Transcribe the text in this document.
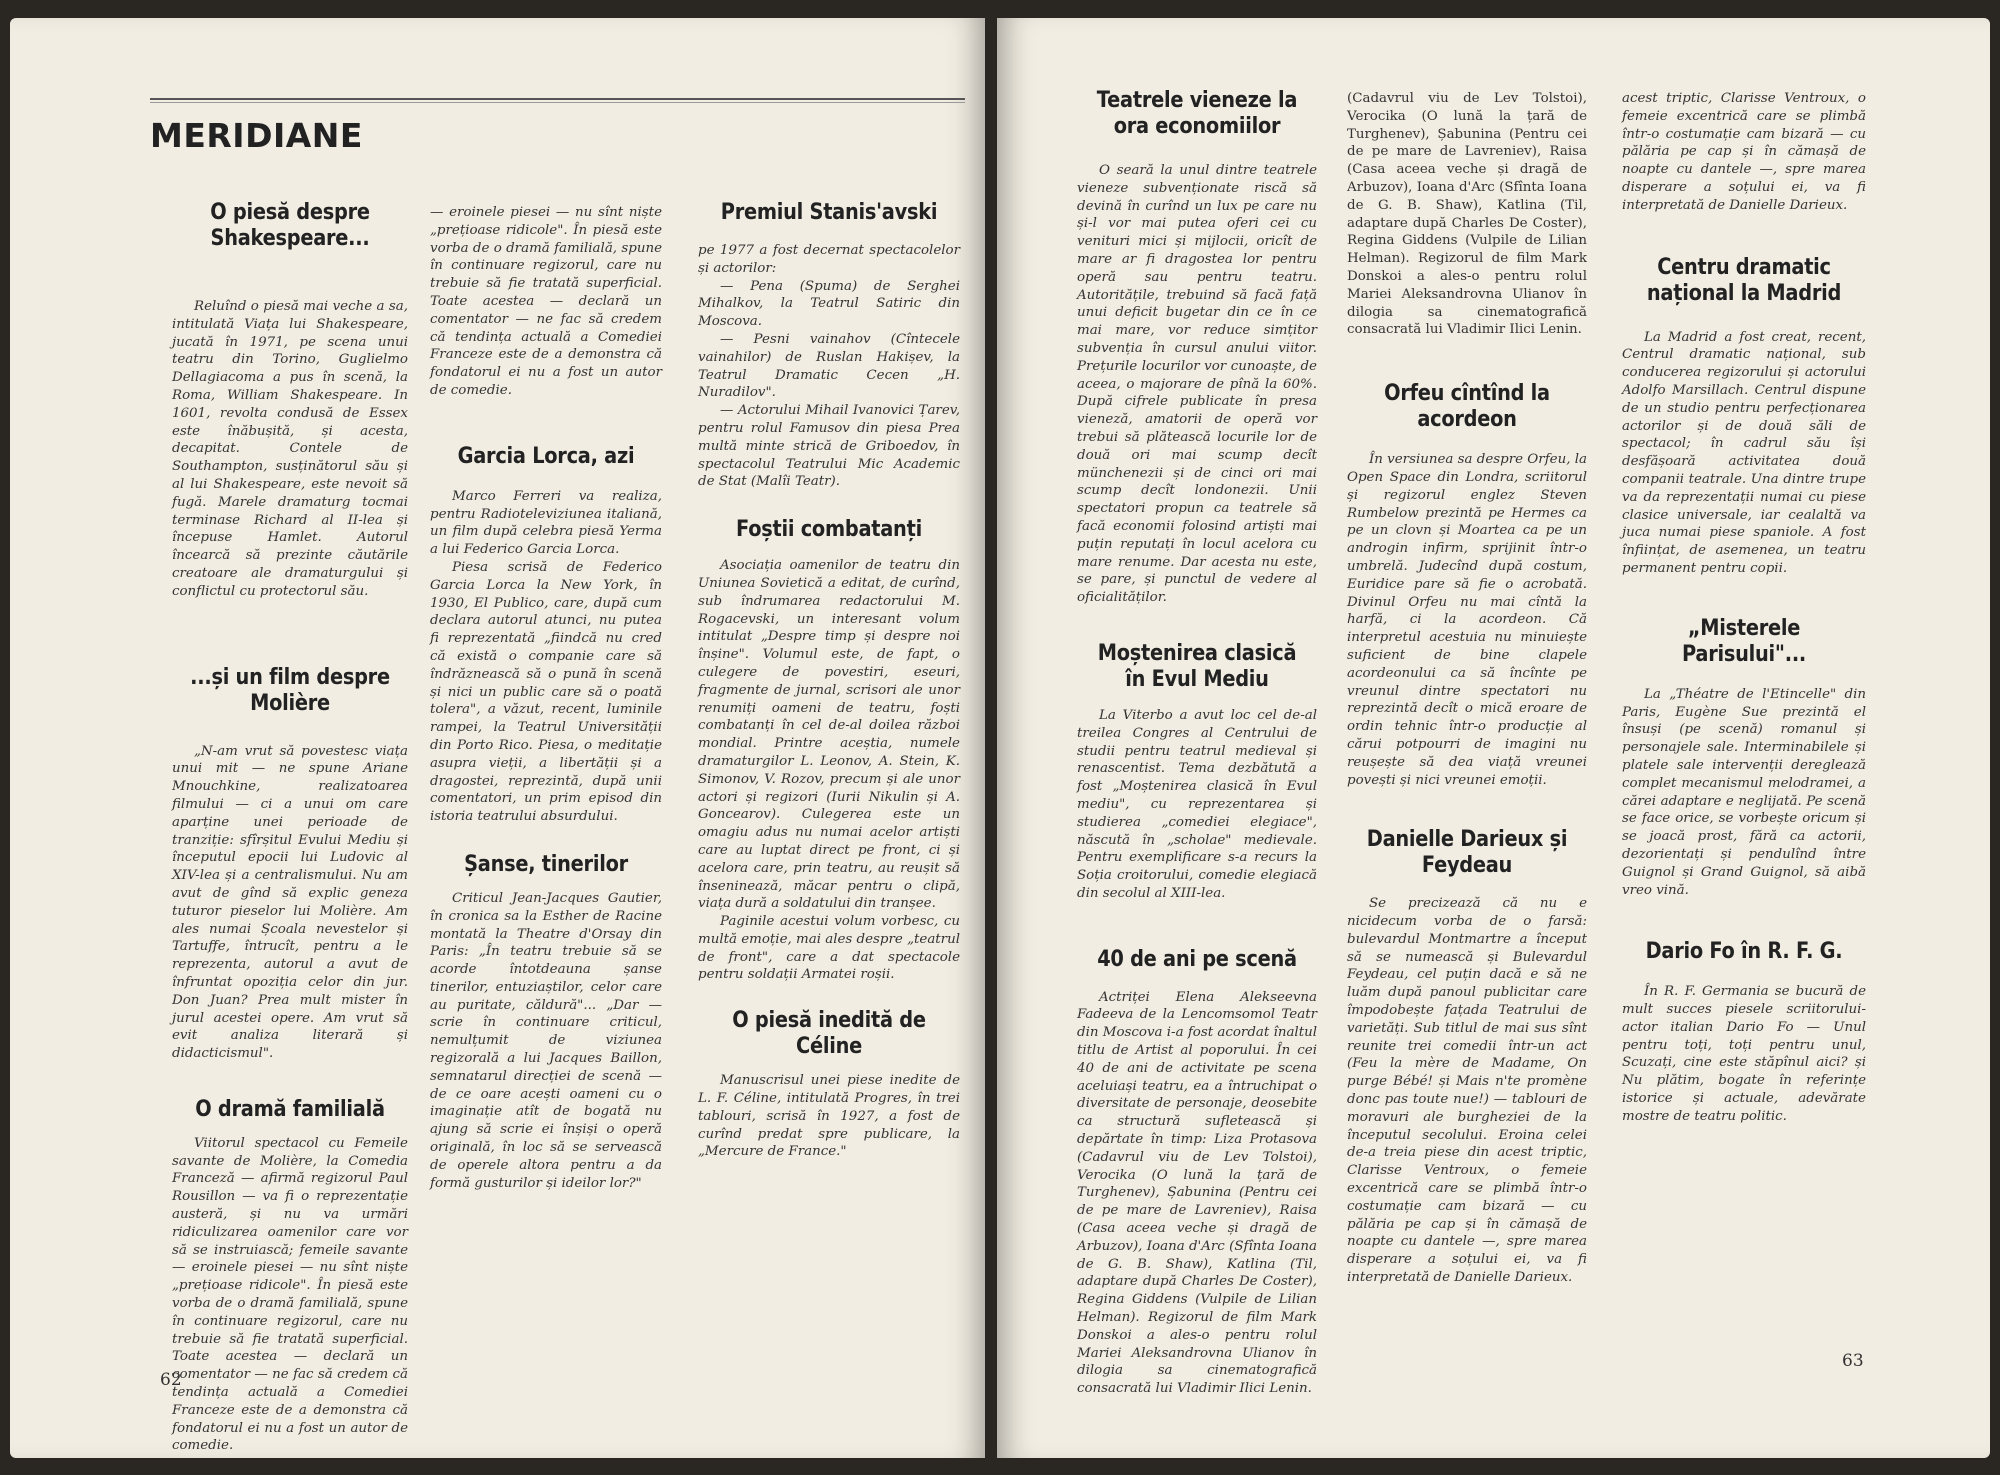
MERIDIANE
O piesă despre Shakespeare...

Reluînd o piesă mai veche a sa, intitulată Viața lui Shakespeare, jucată în 1971, pe scena unui teatru din Torino, Guglielmo Dellagiacoma a pus în scenă, la Roma, William Shakespeare. In 1601, revolta condusă de Essex este înăbușită, și acesta, decapitat. Contele de Southampton, susținătorul său și al lui Shakespeare, este nevoit să fugă. Marele dramaturg tocmai terminase Richard al II-lea și începuse Hamlet. Autorul încearcă să prezinte căutările creatoare ale dramaturgului și conflictul cu protectorul său.

...și un film despre Molière

„N-am vrut să povestesc viața unui mit — ne spune Ariane Mnouchkine, realizatoarea filmului — ci a unui om care aparține unei perioade de tranziție: sfîrșitul Evului Mediu și începutul epocii lui Ludovic al XIV-lea și a centralismului. Nu am avut de gînd să explic geneza tuturor pieselor lui Molière. Am ales numai Școala nevestelor și Tartuffe, întrucît, pentru a le reprezenta, autorul a avut de înfruntat opoziția celor din jur. Don Juan? Prea mult mister în jurul acestei opere. Am vrut să evit analiza literară și didacticismul".

O dramă familială

Viitorul spectacol cu Femeile savante de Molière, la Comedia Franceză — afirmă regizorul Paul Rousillon — va fi o reprezentație austeră, și nu va urmări ridiculizarea oamenilor care vor să se instruiască; femeile savante — eroinele piesei — nu sînt niște „prețioase ridicole". În piesă este vorba de o dramă familială, spune în continuare regizorul, care nu trebuie să fie tratată superficial. Toate acestea — declară un comentator — ne fac să credem că tendința actuală a Comediei Franceze este de a demonstra că fondatorul ei nu a fost un autor de comedie.

— eroinele piesei — nu sînt niște „prețioase ridicole". În piesă este vorba de o dramă familială, spune în continuare regizorul, care nu trebuie să fie tratată superficial. Toate acestea — declară un comentator — ne fac să credem că tendința actuală a Comediei Franceze este de a demonstra că fondatorul ei nu a fost un autor de comedie.

Garcia Lorca, azi

Marco Ferreri va realiza, pentru Radioteleviziunea italiană, un film după celebra piesă Yerma a lui Federico Garcia Lorca.

Piesa scrisă de Federico Garcia Lorca la New York, în 1930, El Publico, care, după cum declara autorul atunci, nu putea fi reprezentată „fiindcă nu cred că există o companie care să îndrăznească să o pună în scenă și nici un public care să o poată tolera", a văzut, recent, luminile rampei, la Teatrul Universității din Porto Rico. Piesa, o meditație asupra vieții, a libertății și a dragostei, reprezintă, după unii comentatori, un prim episod din istoria teatrului absurdului.

Șanse, tinerilor

Criticul Jean-Jacques Gautier, în cronica sa la Esther de Racine montată la Theatre d'Orsay din Paris: „În teatru trebuie să se acorde întotdeauna șanse tinerilor, entuziaștilor, celor care au puritate, căldură"... „Dar — scrie în continuare criticul, nemulțumit de viziunea regizorală a lui Jacques Baillon, semnatarul direcției de scenă — de ce oare acești oameni cu o imaginație atît de bogată nu ajung să scrie ei înșiși o operă originală, în loc să se servească de operele altora pentru a da formă gusturilor și ideilor lor?"

Premiul Stanis'avski

pe 1977 a fost decernat spectacolelor și actorilor:

— Pena (Spuma) de Serghei Mihalkov, la Teatrul Satiric din Moscova.

— Pesni vainahov (Cîntecele vainahilor) de Ruslan Hakișev, la Teatrul Dramatic Cecen „H. Nuradilov".

— Actorului Mihail Ivanovici Țarev, pentru rolul Famusov din piesa Prea multă minte strică de Griboedov, în spectacolul Teatrului Mic Academic de Stat (Malîi Teatr).

Foștii combatanți

Asociația oamenilor de teatru din Uniunea Sovietică a editat, de curînd, sub îndrumarea redactorului M. Rogacevski, un interesant volum intitulat „Despre timp și despre noi înșine". Volumul este, de fapt, o culegere de povestiri, eseuri, fragmente de jurnal, scrisori ale unor renumiți oameni de teatru, foști combatanți în cel de-al doilea război mondial. Printre aceștia, numele dramaturgilor L. Leonov, A. Stein, K. Simonov, V. Rozov, precum și ale unor actori și regizori (Iurii Nikulin și A. Goncearov). Culegerea este un omagiu adus nu numai acelor artiști care au luptat direct pe front, ci și acelora care, prin teatru, au reușit să înseninează, măcar pentru o clipă, viața dură a soldatului din tranșee.

Paginile acestui volum vorbesc, cu multă emoție, mai ales despre „teatrul de front", care a dat spectacole pentru soldații Armatei roșii.

O piesă inedită de Céline

Manuscrisul unei piese inedite de L. F. Céline, intitulată Progres, în trei tablouri, scrisă în 1927, a fost de curînd predat spre publicare, la „Mercure de France."

62
Teatrele vieneze la ora economiilor

O seară la unul dintre teatrele vieneze subvenționate riscă să devină în curînd un lux pe care nu și-l vor mai putea oferi cei cu venituri mici și mijlocii, oricît de mare ar fi dragostea lor pentru operă sau pentru teatru. Autoritățile, trebuind să facă față unui deficit bugetar din ce în ce mai mare, vor reduce simțitor subvenția în cursul anului viitor. Prețurile locurilor vor cunoaște, de aceea, o majorare de pînă la 60%. După cifrele publicate în presa vieneză, amatorii de operă vor trebui să plătească locurile lor de două ori mai scump decît münchenezii și de cinci ori mai scump decît londonezii. Unii spectatori propun ca teatrele să facă economii folosind artiști mai puțin reputați în locul acelora cu mare renume. Dar acesta nu este, se pare, și punctul de vedere al oficialităților.

Moștenirea clasică în Evul Mediu

La Viterbo a avut loc cel de-al treilea Congres al Centrului de studii pentru teatrul medieval și renascentist. Tema dezbătută a fost „Moștenirea clasică în Evul mediu", cu reprezentarea și studierea „comediei elegiace", născută în „scholae" medievale. Pentru exemplificare s-a recurs la Soția croitorului, comedie elegiacă din secolul al XIII-lea.

40 de ani pe scenă

Actriței Elena Alekseevna Fadeeva de la Lencomsomol Teatr din Moscova i-a fost acordat înaltul titlu de Artist al poporului. În cei 40 de ani de activitate pe scena aceluiași teatru, ea a întruchipat o diversitate de personaje, deosebite ca structură sufletească și depărtate în timp: Liza Protasova (Cadavrul viu de Lev Tolstoi), Verocika (O lună la țară de Turghenev), Șabunina (Pentru cei de pe mare de Lavreniev), Raisa (Casa aceea veche și dragă de Arbuzov), Ioana d'Arc (Sfînta Ioana de G. B. Shaw), Katlina (Til, adaptare după Charles De Coster), Regina Giddens (Vulpile de Lilian Helman). Regizorul de film Mark Donskoi a ales-o pentru rolul Mariei Aleksandrovna Ulianov în dilogia sa cinematografică consacrată lui Vladimir Ilici Lenin.

(Cadavrul viu de Lev Tolstoi), Verocika (O lună la țară de Turghenev), Șabunina (Pentru cei de pe mare de Lavreniev), Raisa (Casa aceea veche și dragă de Arbuzov), Ioana d'Arc (Sfînta Ioana de G. B. Shaw), Katlina (Til, adaptare după Charles De Coster), Regina Giddens (Vulpile de Lilian Helman). Regizorul de film Mark Donskoi a ales-o pentru rolul Mariei Aleksandrovna Ulianov în dilogia sa cinematografică consacrată lui Vladimir Ilici Lenin.

Orfeu cîntînd la acordeon

În versiunea sa despre Orfeu, la Open Space din Londra, scriitorul și regizorul englez Steven Rumbelow prezintă pe Hermes ca pe un clovn și Moartea ca pe un androgin infirm, sprijinit într-o umbrelă. Judecînd după costum, Euridice pare să fie o acrobată. Divinul Orfeu nu mai cîntă la harfă, ci la acordeon. Că interpretul acestuia nu minuiește suficient de bine clapele acordeonului ca să încînte pe vreunul dintre spectatori nu reprezintă decît o mică eroare de ordin tehnic într-o producție al cărui potpourri de imagini nu reușește să dea viață vreunei povești și nici vreunei emoții.

Danielle Darieux și Feydeau

Se precizează că nu e nicidecum vorba de o farsă: bulevardul Montmartre a început să se numească și Bulevardul Feydeau, cel puțin dacă e să ne luăm după panoul publicitar care împodobește fațada Teatrului de varietăți. Sub titlul de mai sus sînt reunite trei comedii într-un act (Feu la mère de Madame, On purge Bébé! și Mais n'te promène donc pas toute nue!) — tablouri de moravuri ale burgheziei de la începutul secolului. Eroina celei de-a treia piese din acest triptic, Clarisse Ventroux, o femeie excentrică care se plimbă într-o costumație cam bizară — cu pălăria pe cap și în cămașă de noapte cu dantele —, spre marea disperare a soțului ei, va fi interpretată de Danielle Darieux.

acest triptic, Clarisse Ventroux, o femeie excentrică care se plimbă într-o costumație cam bizară — cu pălăria pe cap și în cămașă de noapte cu dantele —, spre marea disperare a soțului ei, va fi interpretată de Danielle Darieux.

Centru dramatic național la Madrid

La Madrid a fost creat, recent, Centrul dramatic național, sub conducerea regizorului și actorului Adolfo Marsillach. Centrul dispune de un studio pentru perfecționarea actorilor și de două săli de spectacol; în cadrul său își desfășoară activitatea două companii teatrale. Una dintre trupe va da reprezentații numai cu piese clasice universale, iar cealaltă va juca numai piese spaniole. A fost înființat, de asemenea, un teatru permanent pentru copii.

„Misterele Parisului"...

La „Théatre de l'Etincelle" din Paris, Eugène Sue prezintă el însuși (pe scenă) romanul și personajele sale. Interminabilele și platele sale intervenții dereglează complet mecanismul melodramei, a cărei adaptare e neglijată. Pe scenă se face orice, se vorbește oricum și se joacă prost, fără ca actorii, dezorientați și pendulînd între Guignol și Grand Guignol, să aibă vreo vină.

Dario Fo în R. F. G.

În R. F. Germania se bucură de mult succes piesele scriitorului-actor italian Dario Fo — Unul pentru toți, toți pentru unul, Scuzați, cine este stăpînul aici? și Nu plătim, bogate în referințe istorice și actuale, adevărate mostre de teatru politic.

63
